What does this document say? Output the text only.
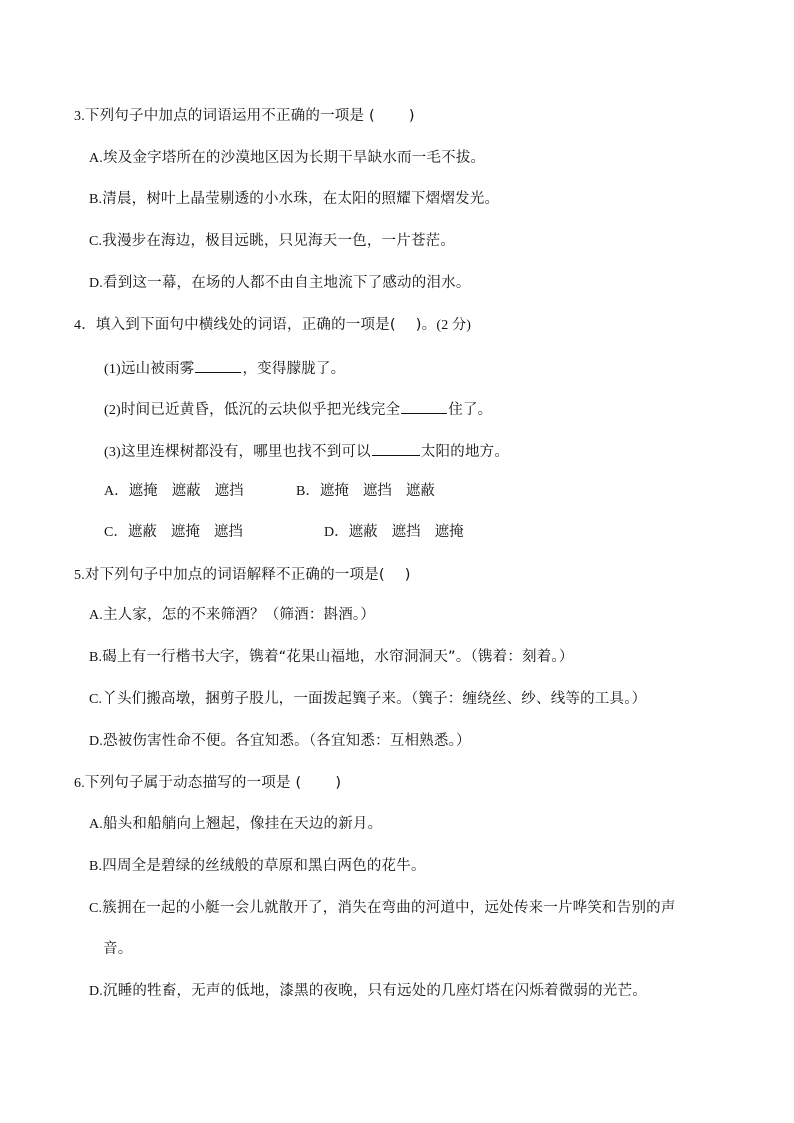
3.下列句子中加点的词语运用不正确的一项是 ( )
A.埃及金字塔所在的沙漠地区因为长期干旱缺水而一毛不拔。
B.清晨，树叶上晶莹剔透的小水珠，在太阳的照耀下熠熠发光。
C.我漫步在海边，极目远眺，只见海天一色，一片苍茫。
D.看到这一幕，在场的人都不由自主地流下了感动的泪水。
4．填入到下面句中横线处的词语，正确的一项是( )。(2 分)
(1)远山被雨雾	，变得朦胧了。
(2)时间已近黄昏，低沉的云块似乎把光线完全	住了。
(3)这里连棵树都没有，哪里也找不到可以	太阳的地方。
A．遮掩 遮蔽 遮挡	B．遮掩 遮挡 遮蔽
C．遮蔽 遮掩 遮挡	D．遮蔽 遮挡 遮掩
5.对下列句子中加点的词语解释不正确的一项是( )
A.主人家，怎的不来筛酒？（筛酒：斟酒。）
B.碣上有一行楷书大字，镌着“花果山福地，水帘洞洞天”。（镌着：刻着。）
C.丫头们搬高墩，捆剪子股儿，一面拨起簨子来。（簨子：缠绕丝、纱、线等的工具。）
D.恐被伤害性命不便。各宜知悉。（各宜知悉：互相熟悉。）
6.下列句子属于动态描写的一项是 ( )
A.船头和船艄向上翘起，像挂在天边的新月。
B.四周全是碧绿的丝绒般的草原和黑白两色的花牛。
C.簇拥在一起的小艇一会儿就散开了，消失在弯曲的河道中，远处传来一片哗笑和告别的声
音。
D.沉睡的牲畜，无声的低地，漆黑的夜晚，只有远处的几座灯塔在闪烁着微弱的光芒。
